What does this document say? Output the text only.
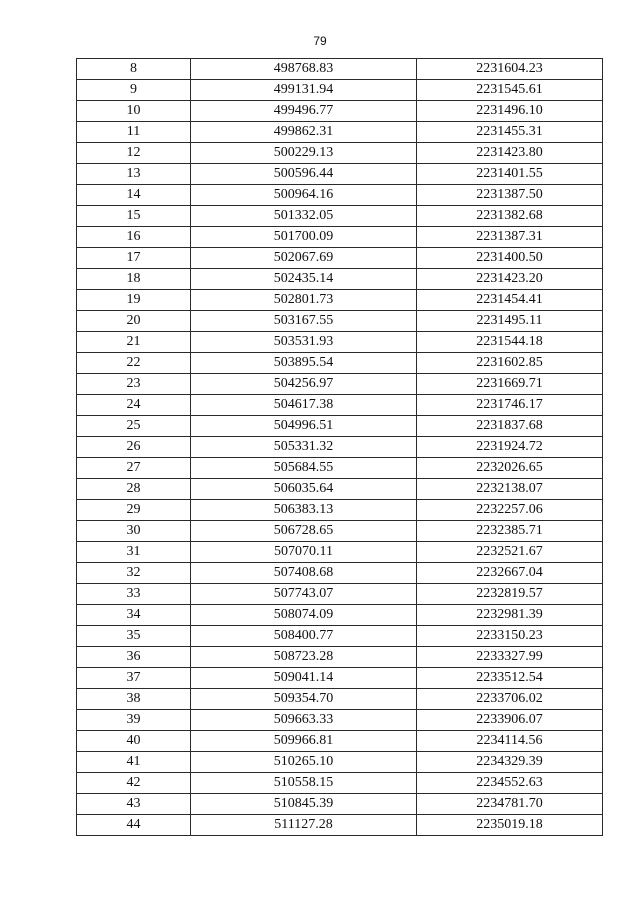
79
8	498768.83	2231604.23
9	499131.94	2231545.61
10	499496.77	2231496.10
11	499862.31	2231455.31
12	500229.13	2231423.80
13	500596.44	2231401.55
14	500964.16	2231387.50
15	501332.05	2231382.68
16	501700.09	2231387.31
17	502067.69	2231400.50
18	502435.14	2231423.20
19	502801.73	2231454.41
20	503167.55	2231495.11
21	503531.93	2231544.18
22	503895.54	2231602.85
23	504256.97	2231669.71
24	504617.38	2231746.17
25	504996.51	2231837.68
26	505331.32	2231924.72
27	505684.55	2232026.65
28	506035.64	2232138.07
29	506383.13	2232257.06
30	506728.65	2232385.71
31	507070.11	2232521.67
32	507408.68	2232667.04
33	507743.07	2232819.57
34	508074.09	2232981.39
35	508400.77	2233150.23
36	508723.28	2233327.99
37	509041.14	2233512.54
38	509354.70	2233706.02
39	509663.33	2233906.07
40	509966.81	2234114.56
41	510265.10	2234329.39
42	510558.15	2234552.63
43	510845.39	2234781.70
44	511127.28	2235019.18
